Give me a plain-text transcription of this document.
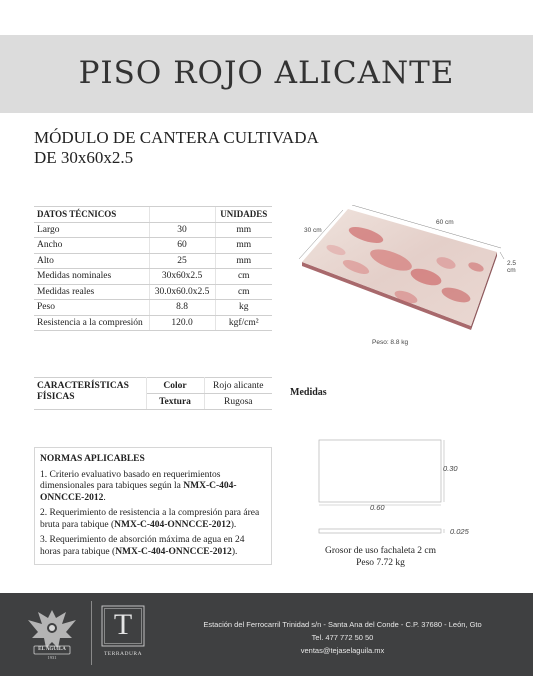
PISO ROJO ALICANTE
MÓDULO DE CANTERA CULTIVADA
DE 30x60x2.5
DATOS TÉCNICOS		UNIDADES
Largo	30	mm
Ancho	60	mm
Alto	25	mm
Medidas nominales	30x60x2.5	cm
Medidas reales	30.0x60.0x2.5	cm
Peso	8.8	kg
Resistencia a la compresión	120.0	kgf/cm²
60 cm
30 cm
2.5 cm
Peso: 8.8 kg
CARACTERÍSTICAS FÍSICAS	Color	Rojo alicante
	Textura	Rugosa
Medidas
NORMAS APLICABLES

1. Criterio evaluativo basado en requerimientos dimensionales para tabiques según la NMX-C-404-ONNCCE-2012.

2. Requerimiento de resistencia a la compresión para área bruta para tabique (NMX-C-404-ONNCCE-2012).

3. Requerimiento de absorción máxima de agua en 24 horas para tabique (NMX-C-404-ONNCCE-2012).

0.30
0.60
0.025
Grosor de uso fachaleta 2 cm
Peso 7.72 kg
EL ÁGUILA
1931
T
TERRADURA
Estación del Ferrocarril Trinidad s/n - Santa Ana del Conde - C.P. 37680 - León, Gto
Tel. 477 772 50 50
ventas@tejaselaguila.mx
